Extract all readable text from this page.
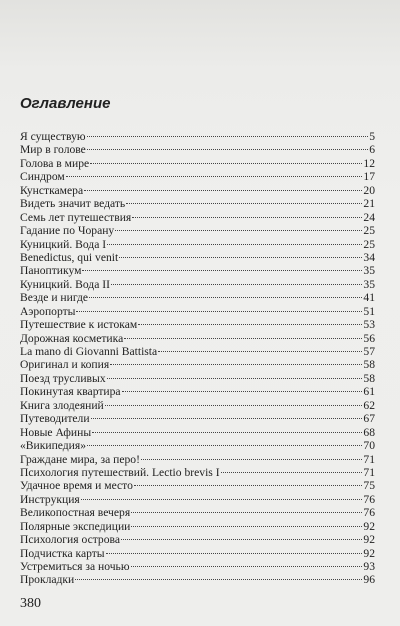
Оглавление
Я существую	5
Мир в голове	6
Голова в мире	12
Синдром	17
Кунсткамера	20
Видеть значит ведать	21
Семь лет путешествия	24
Гадание по Чорану	25
Куницкий. Вода I	25
Benedictus, qui venit	34
Паноптикум	35
Куницкий. Вода II	35
Везде и нигде	41
Аэропорты	51
Путешествие к истокам	53
Дорожная косметика	56
La mano di Giovanni Battista	57
Оригинал и копия	58
Поезд трусливых	58
Покинутая квартира	61
Книга злодеяний	62
Путеводители	67
Новые Афины	68
«Википедия»	70
Граждане мира, за перо!	71
Психология путешествий. Lectio brevis I	71
Удачное время и место	75
Инструкция	76
Великопостная вечеря	76
Полярные экспедиции	92
Психология острова	92
Подчистка карты	92
Устремиться за ночью	93
Прокладки	96
380
